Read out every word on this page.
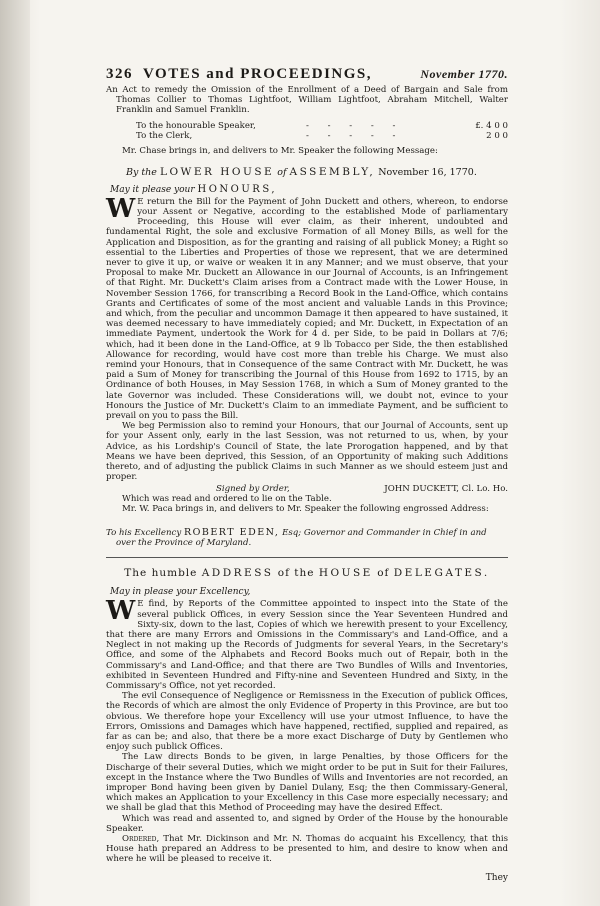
326 VOTES and PROCEEDINGS,	November 1770.

An Act to remedy the Omission of the Enrollment of a Deed of Bargain and Sale from Thomas Collier to Thomas Lightfoot, William Lightfoot, Abraham Mitchell, Walter Franklin and Samuel Franklin.

To the honourable Speaker,	- - - - -	£. 4 0 0
To the Clerk,	- - - - -	2 0 0

Mr. Chase brings in, and delivers to Mr. Speaker the following Message:

By the LOWER HOUSE of ASSEMBLY, November 16, 1770.
May it please your HONOURS,

W E return the Bill for the Payment of John Duckett and others, whereon, to endorse your Assent or Negative, according to the established Mode of parliamentary Proceeding, this House will ever claim, as their inherent, undoubted and fundamental Right, the sole and exclusive Formation of all Money Bills, as well for the Application and Disposition, as for the granting and raising of all publick Money; a Right so essential to the Liberties and Properties of those we represent, that we are determined never to give it up, or waive or weaken it in any Manner; and we must observe, that your Proposal to make Mr. Duckett an Allowance in our Journal of Accounts, is an Infringement of that Right. Mr. Duckett's Claim arises from a Contract made with the Lower House, in November Session 1766, for transcribing a Record Book in the Land-Office, which contains Grants and Certificates of some of the most ancient and valuable Lands in this Province; and which, from the peculiar and uncommon Damage it then appeared to have sustained, it was deemed necessary to have immediately copied; and Mr. Duckett, in Expectation of an immediate Payment, undertook the Work for 4 d. per Side, to be paid in Dollars at 7/6; which, had it been done in the Land-Office, at 9 lb Tobacco per Side, the then established Allowance for recording, would have cost more than treble his Charge. We must also remind your Honours, that in Consequence of the same Contract with Mr. Duckett, he was paid a Sum of Money for transcribing the Journal of this House from 1692 to 1715, by an Ordinance of both Houses, in May Session 1768, in which a Sum of Money granted to the late Governor was included. These Considerations will, we doubt not, evince to your Honours the Justice of Mr. Duckett's Claim to an immediate Payment, and be sufficient to prevail on you to pass the Bill.

We beg Permission also to remind your Honours, that our Journal of Accounts, sent up for your Assent only, early in the last Session, was not returned to us, when, by your Advice, as his Lordship's Council of State, the late Prorogation happened, and by that Means we have been deprived, this Session, of an Opportunity of making such Additions thereto, and of adjusting the publick Claims in such Manner as we should esteem just and proper.

Signed by Order,	JOHN DUCKETT, Cl. Lo. Ho.

Which was read and ordered to lie on the Table.

Mr. W. Paca brings in, and delivers to Mr. Speaker the following engrossed Address:

To his Excellency ROBERT EDEN, Esq; Governor and Commander in Chief in and over the Province of Maryland.
The humble ADDRESS of the HOUSE of DELEGATES.
May in please your Excellency,

W E find, by Reports of the Committee appointed to inspect into the State of the several publick Offices, in every Session since the Year Seventeen Hundred and Sixty-six, down to the last, Copies of which we herewith present to your Excellency, that there are many Errors and Omissions in the Commissary's and Land-Office, and a Neglect in not making up the Records of Judgments for several Years, in the Secretary's Office, and some of the Alphabets and Record Books much out of Repair, both in the Commissary's and Land-Office; and that there are Two Bundles of Wills and Inventories, exhibited in Seventeen Hundred and Fifty-nine and Seventeen Hundred and Sixty, in the Commissary's Office, not yet recorded.

The evil Consequence of Negligence or Remissness in the Execution of publick Offices, the Records of which are almost the only Evidence of Property in this Province, are but too obvious. We therefore hope your Excellency will use your utmost Influence, to have the Errors, Omissions and Damages which have happened, rectified, supplied and repaired, as far as can be; and also, that there be a more exact Discharge of Duty by Gentlemen who enjoy such publick Offices.

The Law directs Bonds to be given, in large Penalties, by those Officers for the Discharge of their several Duties, which we might order to be put in Suit for their Failures, except in the Instance where the Two Bundles of Wills and Inventories are not recorded, an improper Bond having been given by Daniel Dulany, Esq; the then Commissary-General, which makes an Application to your Excellency in this Case more especially necessary; and we shall be glad that this Method of Proceeding may have the desired Effect.

Which was read and assented to, and signed by Order of the House by the honourable Speaker.

Ordered, That Mr. Dickinson and Mr. N. Thomas do acquaint his Excellency, that this House hath prepared an Address to be presented to him, and desire to know when and where he will be pleased to receive it.

They
